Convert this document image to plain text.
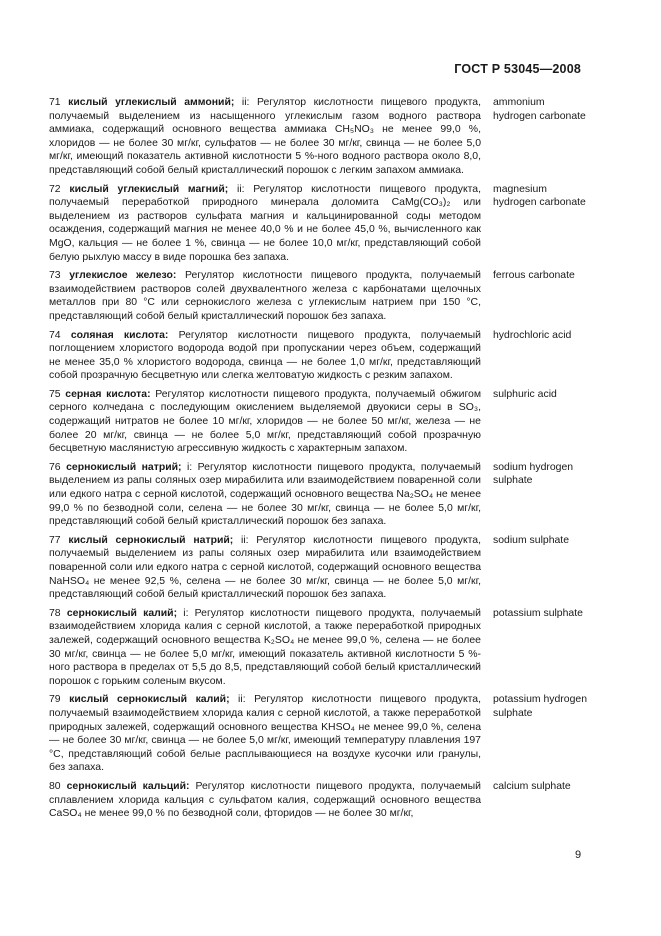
ГОСТ Р 53045—2008
71 кислый углекислый аммоний; ii: Регулятор кислотности пищевого продукта, получаемый выделением из насыщенного углекислым газом водного раствора аммиака, содержащий основного вещества аммиака CH₅NO₃ не менее 99,0 %, хлоридов — не более 30 мг/кг, сульфатов — не более 30 мг/кг, свинца — не более 5,0 мг/кг, имеющий показатель активной кислотности 5 %-ного водного раствора около 8,0, представляющий собой белый кристаллический порошок с легким запахом аммиака.
ammonium hydrogen carbonate
72 кислый углекислый магний; ii: Регулятор кислотности пищевого продукта, получаемый переработкой природного минерала доломита CaMg(CO₃)₂ или выделением из растворов сульфата магния и кальцинированной соды методом осаждения, содержащий магния не менее 40,0 % и не более 45,0 %, вычисленного как MgO, кальция — не более 1 %, свинца — не более 10,0 мг/кг, представляющий собой белую рыхлую массу в виде порошка без запаха.
magnesium hydrogen carbonate
73 углекислое железо: Регулятор кислотности пищевого продукта, получаемый взаимодействием растворов солей двухвалентного железа с карбонатами щелочных металлов при 80 °С или сернокислого железа с углекислым натрием при 150 °С, представляющий собой белый кристаллический порошок без запаха.
ferrous carbonate
74 соляная кислота: Регулятор кислотности пищевого продукта, получаемый поглощением хлористого водорода водой при пропускании через объем, содержащий не менее 35,0 % хлористого водорода, свинца — не более 1,0 мг/кг, представляющий собой прозрачную бесцветную или слегка желтоватую жидкость с резким запахом.
hydrochloric acid
75 серная кислота: Регулятор кислотности пищевого продукта, получаемый обжигом серного колчедана с последующим окислением выделяемой двуокиси серы в SO₃, содержащий нитратов не более 10 мг/кг, хлоридов — не более 50 мг/кг, железа — не более 20 мг/кг, свинца — не более 5,0 мг/кг, представляющий собой прозрачную бесцветную маслянистую агрессивную жидкость с характерным запахом.
sulphuric acid
76 сернокислый натрий; i: Регулятор кислотности пищевого продукта, получаемый выделением из рапы соляных озер мирабилита или взаимодействием поваренной соли или едкого натра с серной кислотой, содержащий основного вещества Na₂SO₄ не менее 99,0 % по безводной соли, селена — не более 30 мг/кг, свинца — не более 5,0 мг/кг, представляющий собой белый кристаллический порошок без запаха.
sodium hydrogen sulphate
77 кислый сернокислый натрий; ii: Регулятор кислотности пищевого продукта, получаемый выделением из рапы соляных озер мирабилита или взаимодействием поваренной соли или едкого натра с серной кислотой, содержащий основного вещества NaHSO₄ не менее 92,5 %, селена — не более 30 мг/кг, свинца — не более 5,0 мг/кг, представляющий собой белый кристаллический порошок без запаха.
sodium sulphate
78 сернокислый калий; i: Регулятор кислотности пищевого продукта, получаемый взаимодействием хлорида калия с серной кислотой, а также переработкой природных залежей, содержащий основного вещества K₂SO₄ не менее 99,0 %, селена — не более 30 мг/кг, свинца — не более 5,0 мг/кг, имеющий показатель активной кислотности 5 %-ного раствора в пределах от 5,5 до 8,5, представляющий собой белый кристаллический порошок с горьким соленым вкусом.
potassium sulphate
79 кислый сернокислый калий; ii: Регулятор кислотности пищевого продукта, получаемый взаимодействием хлорида калия с серной кислотой, а также переработкой природных залежей, содержащий основного вещества KHSO₄ не менее 99,0 %, селена — не более 30 мг/кг, свинца — не более 5,0 мг/кг, имеющий температуру плавления 197 °С, представляющий собой белые расплывающиеся на воздухе кусочки или гранулы, без запаха.
potassium hydrogen sulphate
80 сернокислый кальций: Регулятор кислотности пищевого продукта, получаемый сплавлением хлорида кальция с сульфатом калия, содержащий основного вещества CaSO₄ не менее 99,0 % по безводной соли, фторидов — не более 30 мг/кг,
calcium sulphate
9
